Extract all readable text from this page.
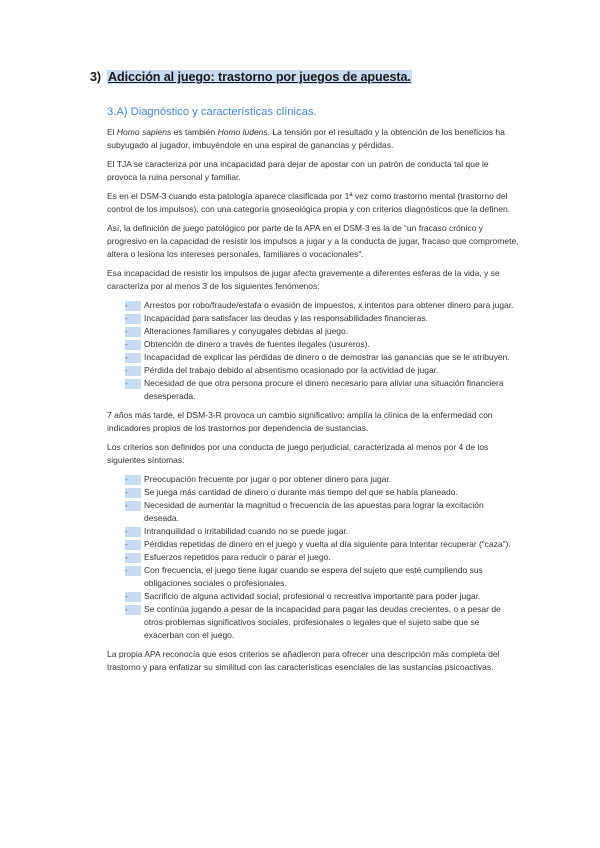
3) Adicción al juego: trastorno por juegos de apuesta.
3.A) Diagnóstico y características clínicas.

El Homo sapiens es también Homo ludens. La tensión por el resultado y la obtención de los beneficios ha subyugado al jugador, imbuyéndole en una espiral de ganancias y pérdidas.

El TJA se caracteriza por una incapacidad para dejar de apostar con un patrón de conducta tal que le provoca la ruina personal y familiar.

Es en el DSM-3 cuando esta patología aparece clasificada por 1ª vez como trastorno mental (trastorno del control de los impulsos), con una categoría gnoseológica propia y con criterios diagnósticos que la definen.

Así, la definición de juego patológico por parte de la APA en el DSM-3 es la de “un fracaso crónico y progresivo en la capacidad de resistir los impulsos a jugar y a la conducta de jugar, fracaso que compromete, altera o lesiona los intereses personales, familiares o vocacionales”.

Esa incapacidad de resistir los impulsos de jugar afecta gravemente a diferentes esferas de la vida, y se caracteriza por al menos 3 de los siguientes fenómenos:

-	Arrestos por robo/fraude/estafa o evasión de impuestos, x intentos para obtener dinero para jugar.
-	Incapacidad para satisfacer las deudas y las responsabilidades financieras.
-	Alteraciones familiares y conyugales debidas al juego.
-	Obtención de dinero a través de fuentes ilegales (usureros).
-	Incapacidad de explicar las pérdidas de dinero o de demostrar las ganancias que se le atribuyen.
-	Pérdida del trabajo debido al absentismo ocasionado por la actividad de jugar.
-	Necesidad de que otra persona procure el dinero necesario para aliviar una situación financiera desesperada.

7 años más tarde, el DSM-3-R provoca un cambio significativo: amplía la clínica de la enfermedad con indicadores propios de los trastornos por dependencia de sustancias.

Los criterios son definidos por una conducta de juego perjudicial, caracterizada al menos por 4 de los siguientes síntomas:

-	Preocupación frecuente por jugar o por obtener dinero para jugar.
-	Se juega más cantidad de dinero o durante más tiempo del que se había planeado.
-	Necesidad de aumentar la magnitud o frecuencia de las apuestas para lograr la excitación deseada.
-	Intranquilidad o irritabilidad cuando no se puede jugar.
-	Pérdidas repetidas de dinero en el juego y vuelta al día siguiente para intentar recuperar (“caza”).
-	Esfuerzos repetidos para reducir o parar el juego.
-	Con frecuencia, el juego tiene lugar cuando se espera del sujeto que esté cumpliendo sus obligaciones sociales o profesionales.
-	Sacrificio de alguna actividad social, profesional o recreativa importante para poder jugar.
-	Se continúa jugando a pesar de la incapacidad para pagar las deudas crecientes, o a pesar de otros problemas significativos sociales, profesionales o legales que el sujeto sabe que se exacerban con el juego.

La propia APA reconocía que esos criterios se añadieron para ofrecer una descripción más completa del trastorno y para enfatizar su similitud con las características esenciales de las sustancias psicoactivas.
